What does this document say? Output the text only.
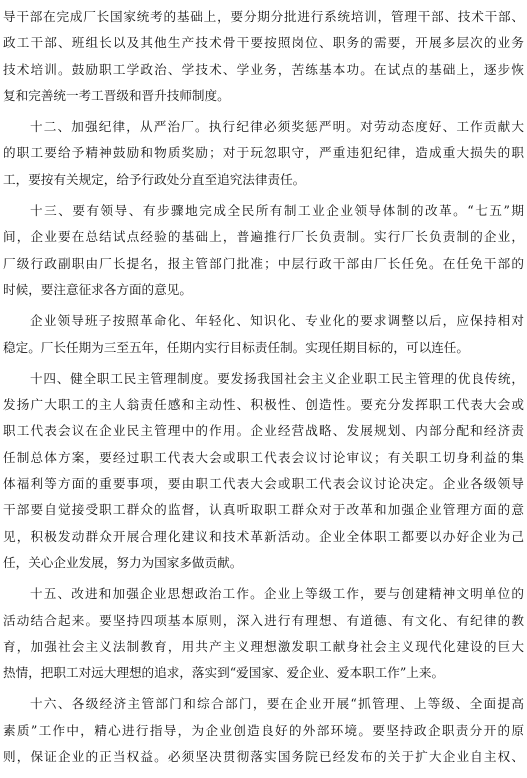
导干部在完成厂长国家统考的基础上，要分期分批进行系统培训，管理干部、技术干部、
政工干部、班组长以及其他生产技术骨干要按照岗位、职务的需要，开展多层次的业务
技术培训。鼓励职工学政治、学技术、学业务，苦练基本功。在试点的基础上，逐步恢
复和完善统一考工晋级和晋升技师制度。
十二、加强纪律，从严治厂。执行纪律必须奖惩严明。对劳动态度好、工作贡献大
的职工要给予精神鼓励和物质奖励；对于玩忽职守，严重违犯纪律，造成重大损失的职
工，要按有关规定，给予行政处分直至追究法律责任。
十三、要有领导、有步骤地完成全民所有制工业企业领导体制的改革。“七五”期
间，企业要在总结试点经验的基础上，普遍推行厂长负责制。实行厂长负责制的企业，
厂级行政副职由厂长提名，报主管部门批准；中层行政干部由厂长任免。在任免干部的
时候，要注意征求各方面的意见。
企业领导班子按照革命化、年轻化、知识化、专业化的要求调整以后，应保持相对
稳定。厂长任期为三至五年，任期内实行目标责任制。实现任期目标的，可以连任。
十四、健全职工民主管理制度。要发扬我国社会主义企业职工民主管理的优良传统，
发扬广大职工的主人翁责任感和主动性、积极性、创造性。要充分发挥职工代表大会或
职工代表会议在企业民主管理中的作用。企业经营战略、发展规划、内部分配和经济责
任制总体方案，要经过职工代表大会或职工代表会议讨论审议；有关职工切身利益的集
体福利等方面的重要事项，要由职工代表大会或职工代表会议讨论决定。企业各级领导
干部要自觉接受职工群众的监督，认真听取职工群众对于改革和加强企业管理方面的意
见，积极发动群众开展合理化建议和技术革新活动。企业全体职工都要以办好企业为己
任，关心企业发展，努力为国家多做贡献。
十五、改进和加强企业思想政治工作。企业上等级工作，要与创建精神文明单位的
活动结合起来。要坚持四项基本原则，深入进行有理想、有道德、有文化、有纪律的教
育，加强社会主义法制教育，用共产主义理想激发职工献身社会主义现代化建设的巨大
热情，把职工对远大理想的追求，落实到“爱国家、爱企业、爱本职工作”上来。
十六、各级经济主管部门和综合部门，要在企业开展“抓管理、上等级、全面提高
素质”工作中，精心进行指导，为企业创造良好的外部环境。要坚持政企职责分开的原
则，保证企业的正当权益。必须坚决贯彻落实国务院已经发布的关于扩大企业自主权、
